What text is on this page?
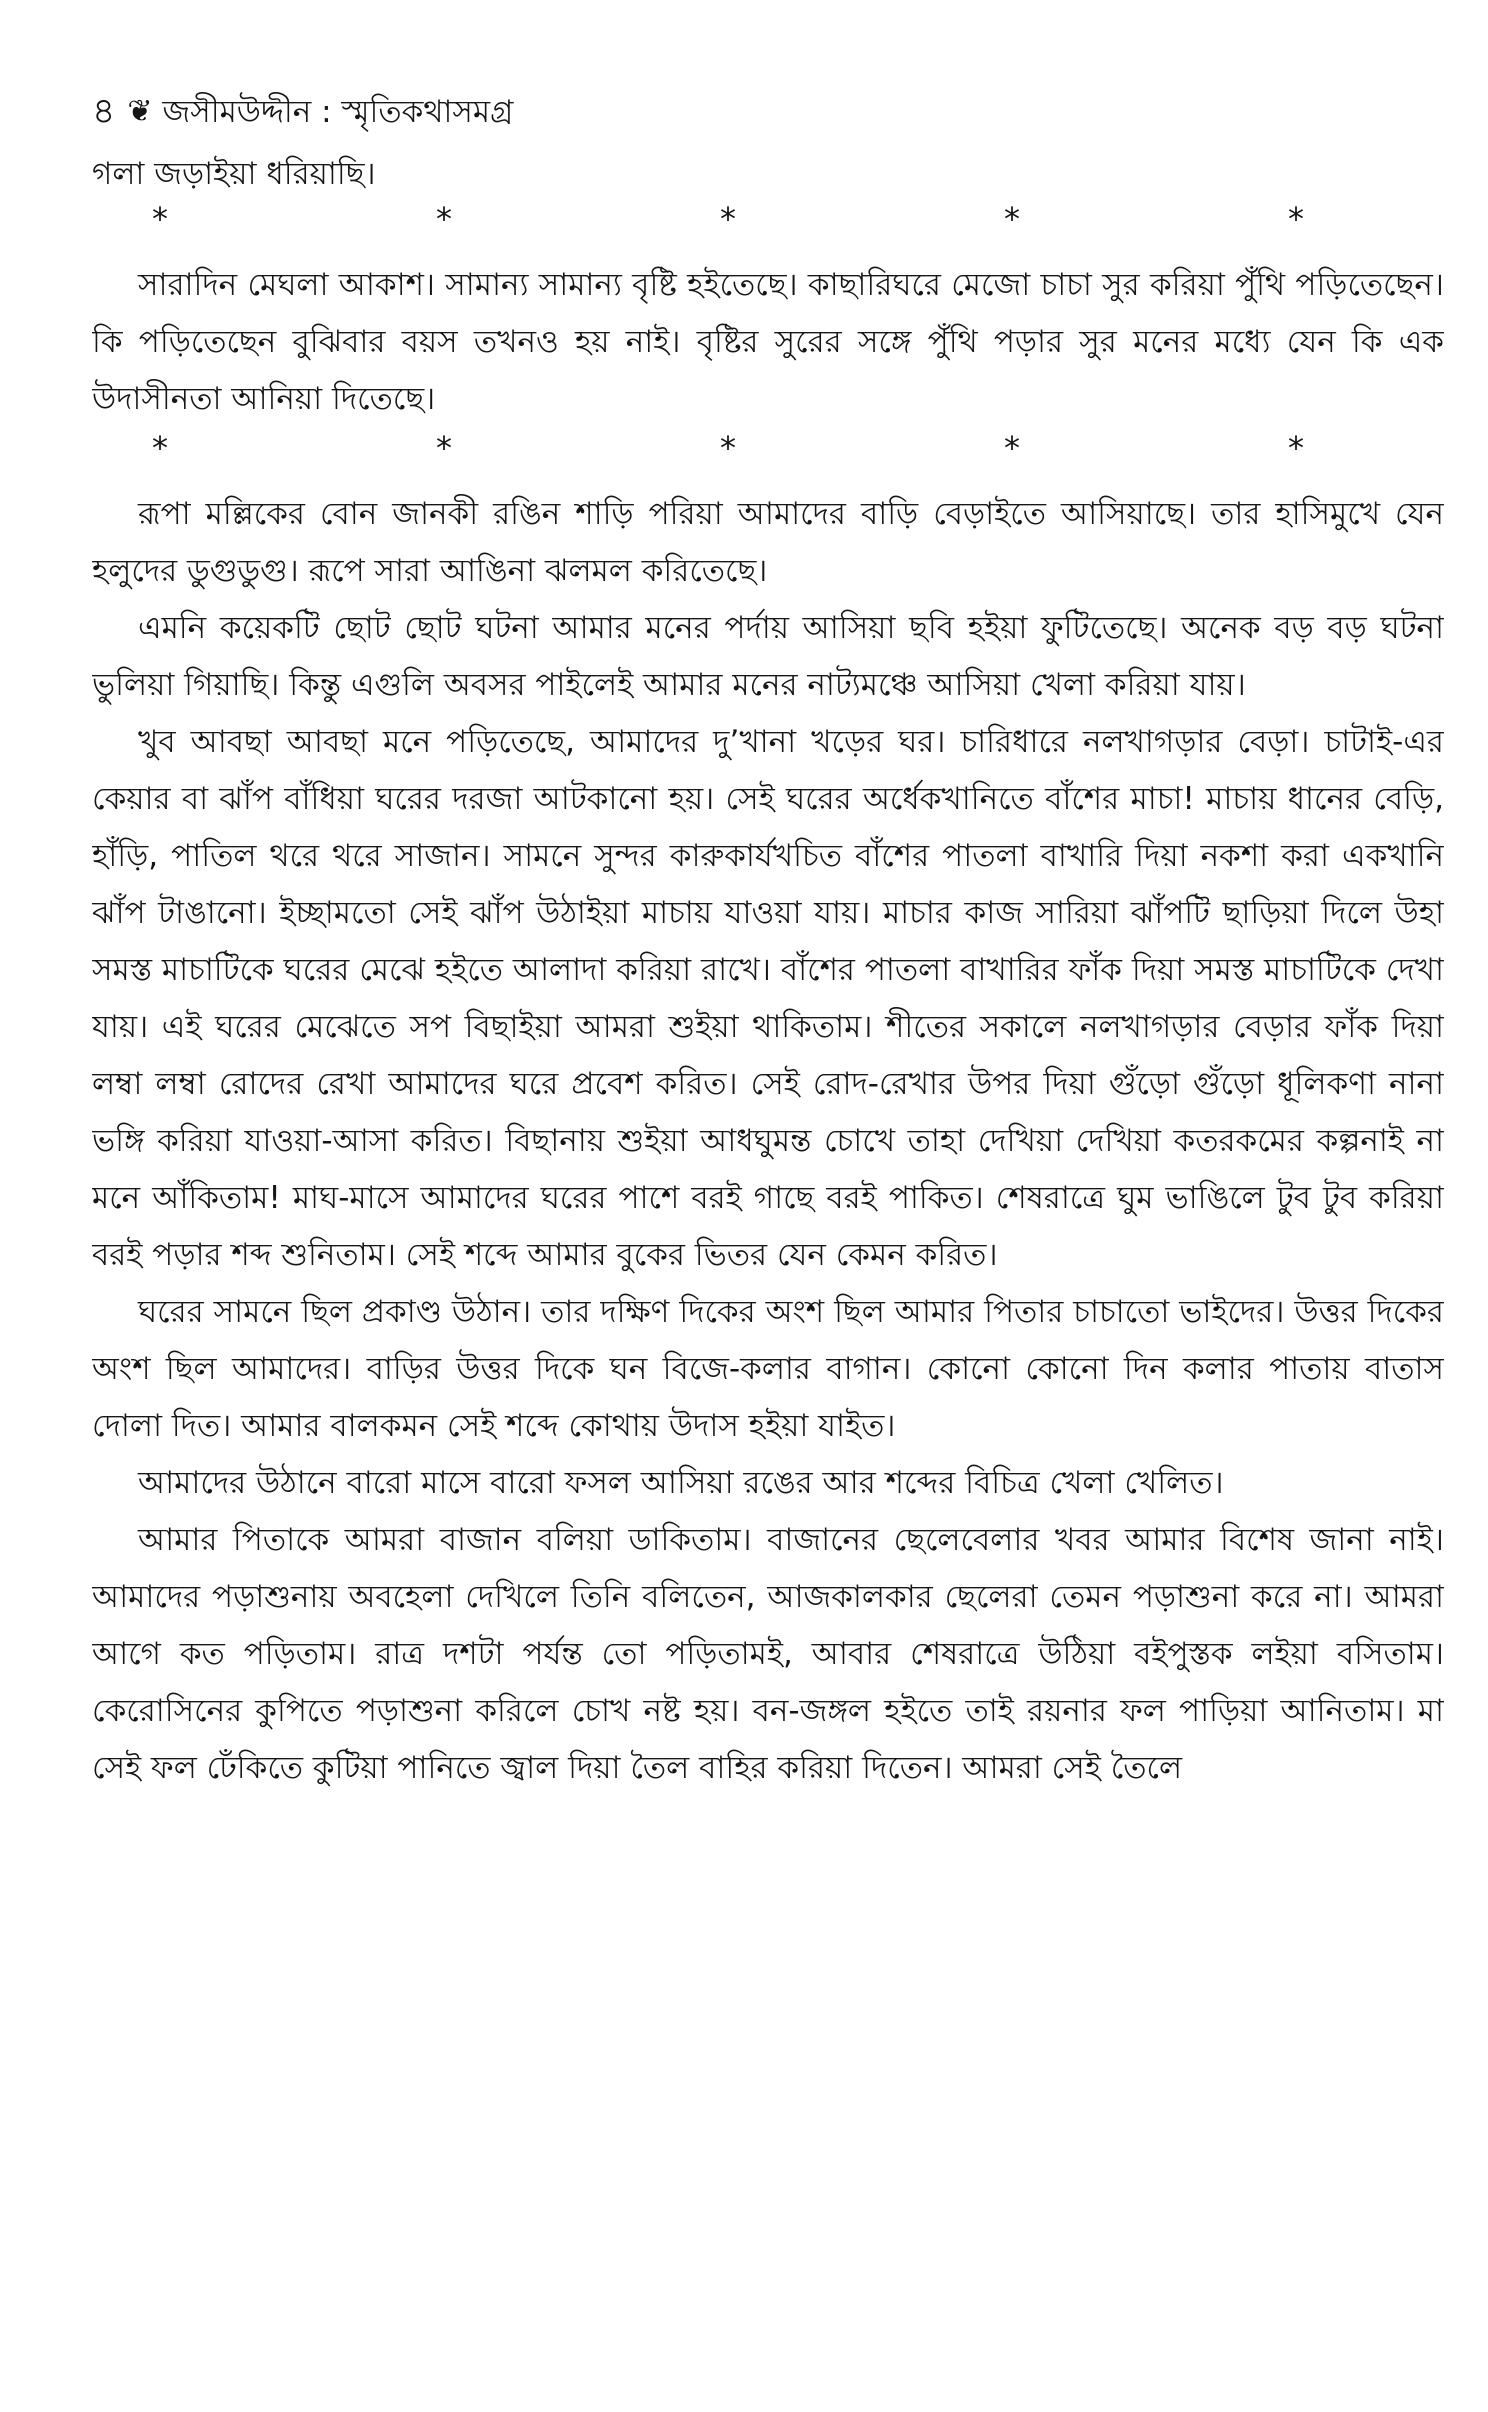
৪ ❦ জসীমউদ্দীন : স্মৃতিকথাসমগ্র

গলা জড়াইয়া ধরিয়াছি।

*	*	*	*	*

সারাদিন মেঘলা আকাশ। সামান্য সামান্য বৃষ্টি হইতেছে। কাছারিঘরে মেজো চাচা সুর করিয়া পুঁথি পড়িতেছেন। কি পড়িতেছেন বুঝিবার বয়স তখনও হয় নাই। বৃষ্টির সুরের সঙ্গে পুঁথি পড়ার সুর মনের মধ্যে যেন কি এক উদাসীনতা আনিয়া দিতেছে।

*	*	*	*	*

রূপা মল্লিকের বোন জানকী রঙিন শাড়ি পরিয়া আমাদের বাড়ি বেড়াইতে আসিয়াছে। তার হাসিমুখে যেন হলুদের ডুগুডুগু। রূপে সারা আঙিনা ঝলমল করিতেছে।

এমনি কয়েকটি ছোট ছোট ঘটনা আমার মনের পর্দায় আসিয়া ছবি হইয়া ফুটিতেছে। অনেক বড় বড় ঘটনা ভুলিয়া গিয়াছি। কিন্তু এগুলি অবসর পাইলেই আমার মনের নাট্যমঞ্চে আসিয়া খেলা করিয়া যায়।

খুব আবছা আবছা মনে পড়িতেছে, আমাদের দু’খানা খড়ের ঘর। চারিধারে নলখাগড়ার বেড়া। চাটাই-এর কেয়ার বা ঝাঁপ বাঁধিয়া ঘরের দরজা আটকানো হয়। সেই ঘরের অর্ধেকখানিতে বাঁশের মাচা! মাচায় ধানের বেড়ি, হাঁড়ি, পাতিল থরে থরে সাজান। সামনে সুন্দর কারুকার্যখচিত বাঁশের পাতলা বাখারি দিয়া নকশা করা একখানি ঝাঁপ টাঙানো। ইচ্ছামতো সেই ঝাঁপ উঠাইয়া মাচায় যাওয়া যায়। মাচার কাজ সারিয়া ঝাঁপটি ছাড়িয়া দিলে উহা সমস্ত মাচাটিকে ঘরের মেঝে হইতে আলাদা করিয়া রাখে। বাঁশের পাতলা বাখারির ফাঁক দিয়া সমস্ত মাচাটিকে দেখা যায়। এই ঘরের মেঝেতে সপ বিছাইয়া আমরা শুইয়া থাকিতাম। শীতের সকালে নলখাগড়ার বেড়ার ফাঁক দিয়া লম্বা লম্বা রোদের রেখা আমাদের ঘরে প্রবেশ করিত। সেই রোদ-রেখার উপর দিয়া গুঁড়ো গুঁড়ো ধূলিকণা নানা ভঙ্গি করিয়া যাওয়া-আসা করিত। বিছানায় শুইয়া আধঘুমন্ত চোখে তাহা দেখিয়া দেখিয়া কতরকমের কল্পনাই না মনে আঁকিতাম! মাঘ-মাসে আমাদের ঘরের পাশে বরই গাছে বরই পাকিত। শেষরাত্রে ঘুম ভাঙিলে টুব টুব করিয়া বরই পড়ার শব্দ শুনিতাম। সেই শব্দে আমার বুকের ভিতর যেন কেমন করিত।

ঘরের সামনে ছিল প্রকাণ্ড উঠান। তার দক্ষিণ দিকের অংশ ছিল আমার পিতার চাচাতো ভাইদের। উত্তর দিকের অংশ ছিল আমাদের। বাড়ির উত্তর দিকে ঘন বিজে-কলার বাগান। কোনো কোনো দিন কলার পাতায় বাতাস দোলা দিত। আমার বালকমন সেই শব্দে কোথায় উদাস হইয়া যাইত।

আমাদের উঠানে বারো মাসে বারো ফসল আসিয়া রঙের আর শব্দের বিচিত্র খেলা খেলিত।

আমার পিতাকে আমরা বাজান বলিয়া ডাকিতাম। বাজানের ছেলেবেলার খবর আমার বিশেষ জানা নাই। আমাদের পড়াশুনায় অবহেলা দেখিলে তিনি বলিতেন, আজকালকার ছেলেরা তেমন পড়াশুনা করে না। আমরা আগে কত পড়িতাম। রাত্র দশটা পর্যন্ত তো পড়িতামই, আবার শেষরাত্রে উঠিয়া বইপুস্তক লইয়া বসিতাম। কেরোসিনের কুপিতে পড়াশুনা করিলে চোখ নষ্ট হয়। বন-জঙ্গল হইতে তাই রয়নার ফল পাড়িয়া আনিতাম। মা সেই ফল ঢেঁকিতে কুটিয়া পানিতে জ্বাল দিয়া তৈল বাহির করিয়া দিতেন। আমরা সেই তৈলে
